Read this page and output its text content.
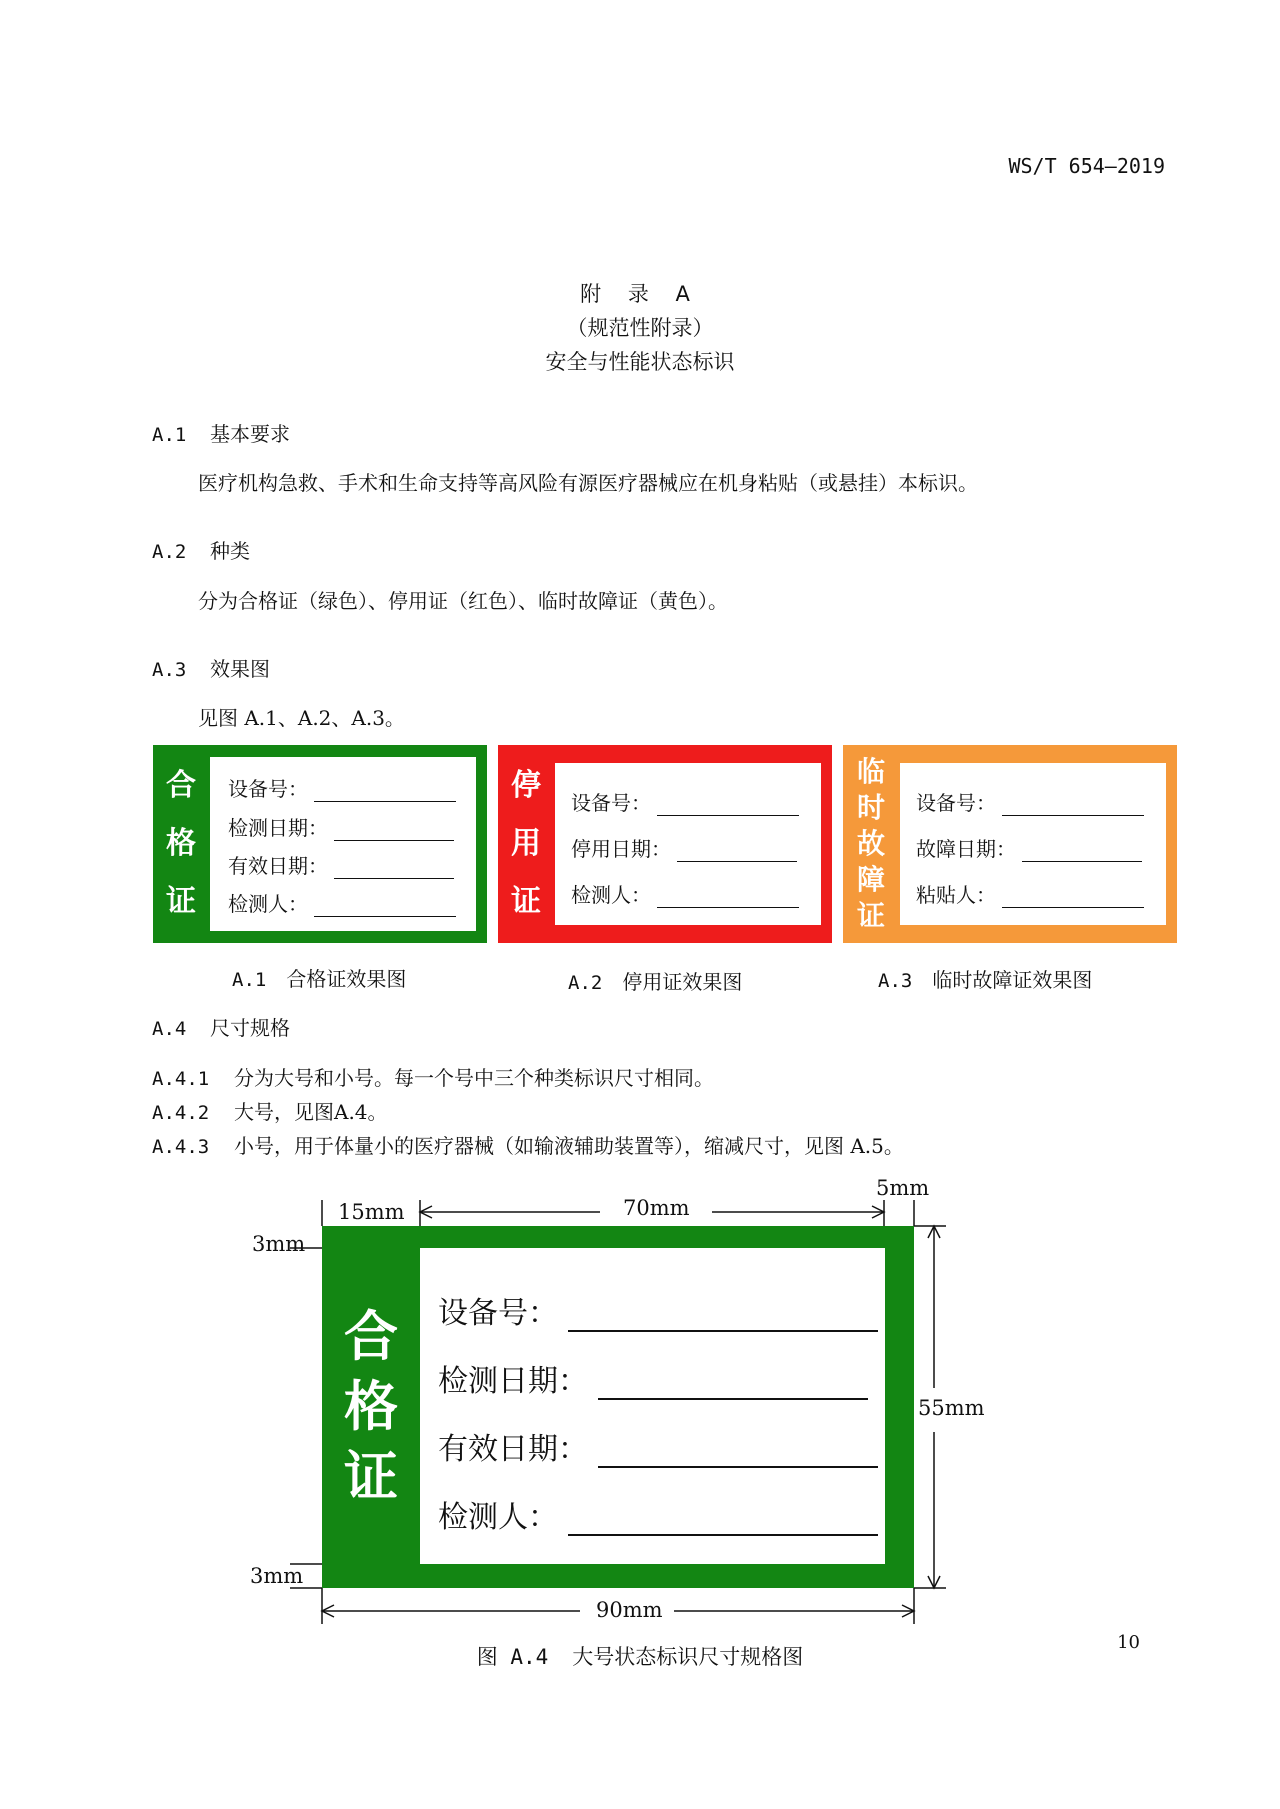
WS/T 654—2019
附 录 A
（规范性附录）
安全与性能状态标识
A.1 基本要求
医疗机构急救、手术和生命支持等高风险有源医疗器械应在机身粘贴（或悬挂）本标识。
A.2 种类
分为合格证（绿色）、停用证（红色）、临时故障证（黄色）。
A.3 效果图
见图 A.1、A.2、A.3。
合
格
证
设备号：
检测日期：
有效日期：
检测人：
停
用
证
设备号：
停用日期：
检测人：
临
时
故
障
证
设备号：
故障日期：
粘贴人：
A.1 合格证效果图	A.2 停用证效果图	A.3 临时故障证效果图
A.4 尺寸规格
A.4.1 分为大号和小号。每一个号中三个种类标识尺寸相同。
A.4.2 大号，见图A.4。
A.4.3 小号，用于体量小的医疗器械（如输液辅助装置等），缩减尺寸，见图 A.5。
合
格
证
设备号：
检测日期：
有效日期：
检测人：
15mm	70mm
5mm
3mm
3mm
55mm
90mm
图 A.4 大号状态标识尺寸规格图
10
